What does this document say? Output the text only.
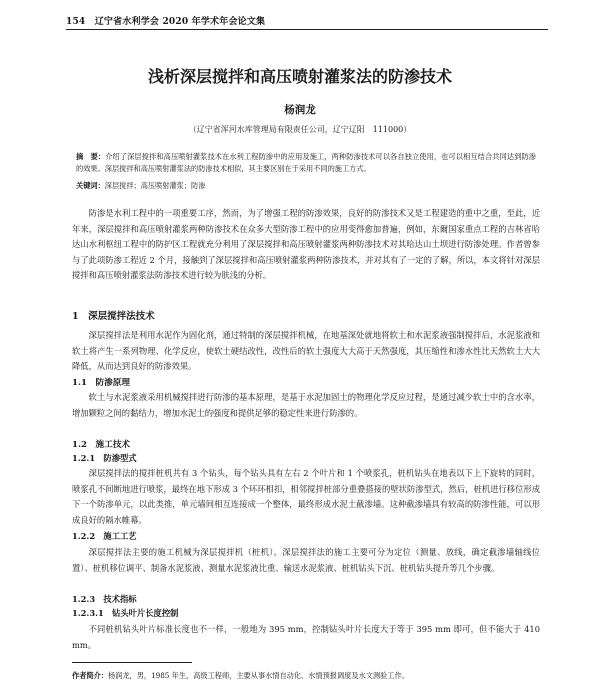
154 辽宁省水利学会 2020 年学术年会论文集
浅析深层搅拌和高压喷射灌浆法的防渗技术
杨润龙
（辽宁省浑河水库管理局有限责任公司，辽宁辽阳　111000）
摘　要：介绍了深层搅拌和高压喷射灌浆技术在水利工程防渗中的应用及施工，两种防渗技术可以各自独立使用，也可以相互结合共同达到防渗的效果。深层搅拌和高压喷射灌浆法的防渗技术相似，其主要区别在于采用不同的施工方式。
关键词：深层搅拌；高压喷射灌浆；防渗

防渗是水利工程中的一项重要工序，然而，为了增强工程的防渗效果，良好的防渗技术又是工程建造的重中之重，至此，近年来，深层搅拌和高压喷射灌浆两种防渗技术在众多大型防渗工程中的应用变得愈加普遍，例如，东爾国家重点工程的吉林省哈达山水利枢纽工程中的防护区工程就充分利用了深层搅拌和高压喷射灌浆两种防渗技术对其哈达山土坝进行防渗处理。作者曾参与了此项防渗工程近 2 个月，接触到了深层搅拌和高压喷射灌浆两种防渗技术，并对其有了一定的了解，所以，本文将针对深层搅拌和高压喷射灌浆法防渗技术进行较为肤浅的分析。

1　深层搅拌法技术

深层搅拌法是利用水泥作为固化剂，通过特制的深层搅拌机械，在地基深处就地将软土和水泥浆液强制搅拌后，水泥浆液和软土将产生一系列物理、化学反应，使软土硬结改性，改性后的软土强度大大高于天然强度，其压缩性和渗水性比天然软土大大降低，从而达到良好的防渗效果。

1.1　防渗原理

软土与水泥浆液采用机械搅拌进行防渗的基本原理，是基于水泥加固土的物理化学反应过程，是通过减少软土中的含水率，增加颗粒之间的黏结力，增加水泥土的强度和提供足够的稳定性来进行防渗的。

1.2　施工技术
1.2.1　防渗型式

深层搅拌法的搅拌桩机共有 3 个钻头，每个钻头具有左右 2 个叶片和 1 个喷浆孔，桩机钻头在地表以下上下旋转的同时，喷浆孔不间断地进行喷浆，最终在地下形成 3 个环环相扣，相邻搅拌桩部分重叠搭接的壁状防渗型式，然后，桩机进行移位形成下一个防渗单元，以此类推，单元墙间相互连接成一个整体，最终形成水泥土截渗墙。这种截渗墙具有较高的防渗性能，可以形成良好的隔水帷幕。

1.2.2　施工工艺

深层搅拌法主要的施工机械为深层搅拌机（桩机）。深层搅拌法的施工主要可分为定位（测量、放线，确定截渗墙轴线位置）、桩机移位调平、制备水泥浆液、测量水泥浆液比重、输送水泥浆液、桩机钻头下沉、桩机钻头提升等几个步骤。

1.2.3　技术指标
1.2.3.1　钻头叶片长度控制

不同桩机钻头叶片标准长度也不一样，一般地为 395 mm，控制钻头叶片长度大于等于 395 mm 即可，但不能大于 410 mm。

作者简介：杨润龙，男，1985 年生，高级工程师，主要从事水情自动化、水情预报调度及水文测验工作。
